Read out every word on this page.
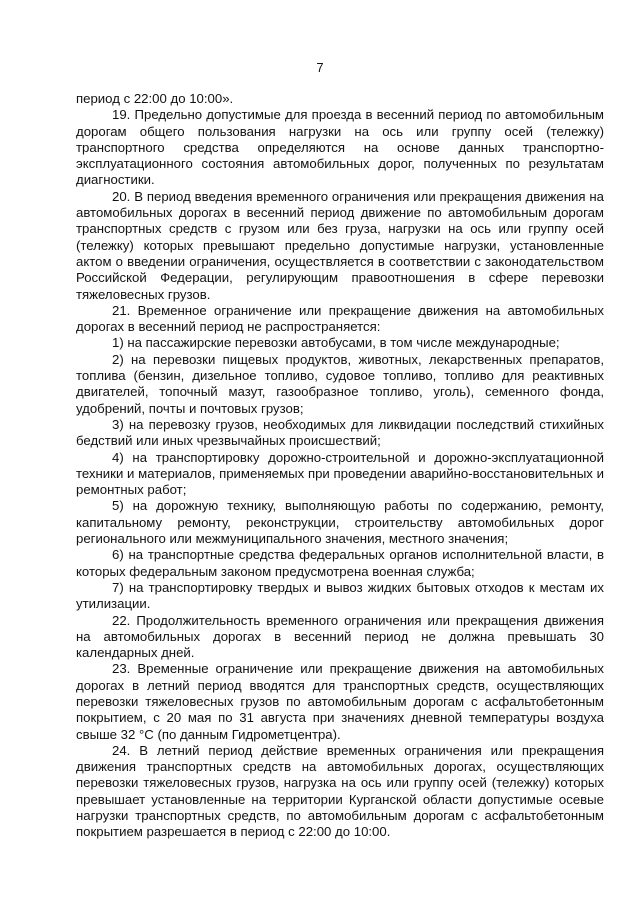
7

период с 22:00 до 10:00».

19. Предельно допустимые для проезда в весенний период по автомобильным дорогам общего пользования нагрузки на ось или группу осей (тележку) транспортного средства определяются на основе данных транспортно-эксплуатационного состояния автомобильных дорог, полученных по результатам диагностики.

20. В период введения временного ограничения или прекращения движения на автомобильных дорогах в весенний период движение по автомобильным дорогам транспортных средств с грузом или без груза, нагрузки на ось или группу осей (тележку) которых превышают предельно допустимые нагрузки, установленные актом о введении ограничения, осуществляется в соответствии с законодательством Российской Федерации, регулирующим правоотношения в сфере перевозки тяжеловесных грузов.

21. Временное ограничение или прекращение движения на автомобильных дорогах в весенний период не распространяется:

1) на пассажирские перевозки автобусами, в том числе международные;

2) на перевозки пищевых продуктов, животных, лекарственных препаратов, топлива (бензин, дизельное топливо, судовое топливо, топливо для реактивных двигателей, топочный мазут, газообразное топливо, уголь), семенного фонда, удобрений, почты и почтовых грузов;

3) на перевозку грузов, необходимых для ликвидации последствий стихийных бедствий или иных чрезвычайных происшествий;

4) на транспортировку дорожно-строительной и дорожно-эксплуатационной техники и материалов, применяемых при проведении аварийно-восстановительных и ремонтных работ;

5) на дорожную технику, выполняющую работы по содержанию, ремонту, капитальному ремонту, реконструкции, строительству автомобильных дорог регионального или межмуниципального значения, местного значения;

6) на транспортные средства федеральных органов исполнительной власти, в которых федеральным законом предусмотрена военная служба;

7) на транспортировку твердых и вывоз жидких бытовых отходов к местам их утилизации.

22. Продолжительность временного ограничения или прекращения движения на автомобильных дорогах в весенний период не должна превышать 30 календарных дней.

23. Временные ограничение или прекращение движения на автомобильных дорогах в летний период вводятся для транспортных средств, осуществляющих перевозки тяжеловесных грузов по автомобильным дорогам с асфальтобетонным покрытием, с 20 мая по 31 августа при значениях дневной температуры воздуха свыше 32 °С (по данным Гидрометцентра).

24. В летний период действие временных ограничения или прекращения движения транспортных средств на автомобильных дорогах, осуществляющих перевозки тяжеловесных грузов, нагрузка на ось или группу осей (тележку) которых превышает установленные на территории Курганской области допустимые осевые нагрузки транспортных средств, по автомобильным дорогам с асфальтобетонным покрытием разрешается в период с 22:00 до 10:00.
